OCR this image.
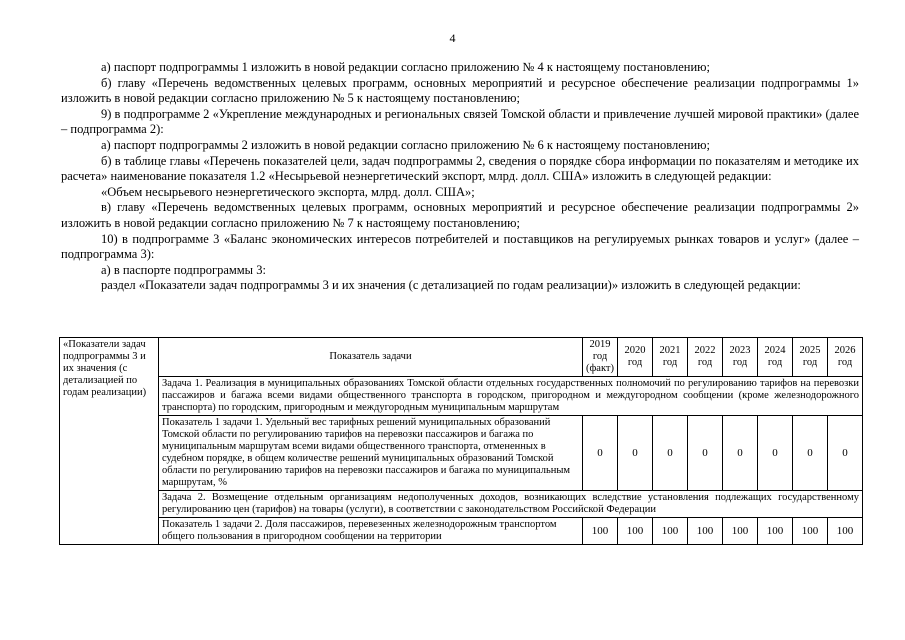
4

а) паспорт подпрограммы 1 изложить в новой редакции согласно приложению № 4 к настоящему постановлению;

б) главу «Перечень ведомственных целевых программ, основных мероприятий и ресурсное обеспечение реализации подпрограммы 1» изложить в новой редакции согласно приложению № 5 к настоящему постановлению;

9) в подпрограмме 2 «Укрепление международных и региональных связей Томской области и привлечение лучшей мировой практики» (далее – подпрограмма 2):

а) паспорт подпрограммы 2 изложить в новой редакции согласно приложению № 6 к настоящему постановлению;

б) в таблице главы «Перечень показателей цели, задач подпрограммы 2, сведения о порядке сбора информации по показателям и методике их расчета» наименование показателя 1.2 «Несырьевой неэнергетический экспорт, млрд. долл. США» изложить в следующей редакции:

«Объем несырьевого неэнергетического экспорта, млрд. долл. США»;

в) главу «Перечень ведомственных целевых программ, основных мероприятий и ресурсное обеспечение реализации подпрограммы 2» изложить в новой редакции согласно приложению № 7 к настоящему постановлению;

10) в подпрограмме 3 «Баланс экономических интересов потребителей и поставщиков на регулируемых рынках товаров и услуг» (далее – подпрограмма 3):

а) в паспорте подпрограммы 3:

раздел «Показатели задач подпрограммы 3 и их значения (с детализацией по годам реализации)» изложить в следующей редакции:

«Показатели задач подпрограммы 3 и их значения (с детализацией по годам реализации)	Показатель задачи	2019 год (факт)	2020 год	2021 год	2022 год	2023 год	2024 год	2025 год	2026 год
	Задача 1. Реализация в муниципальных образованиях Томской области отдельных государственных полномочий по регулированию тарифов на перевозки пассажиров и багажа всеми видами общественного транспорта в городском, пригородном и междугородном сообщении (кроме железнодорожного транспорта) по городским, пригородным и междугородным муниципальным маршрутам								
	Показатель 1 задачи 1. Удельный вес тарифных решений муниципальных образований Томской области по регулированию тарифов на перевозки пассажиров и багажа по муниципальным маршрутам всеми видами общественного транспорта, отмененных в судебном порядке, в общем количестве решений муниципальных образований Томской области по регулированию тарифов на перевозки пассажиров и багажа по муниципальным маршрутам, %	0	0	0	0	0	0	0	0
	Задача 2. Возмещение отдельным организациям недополученных доходов, возникающих вследствие установления подлежащих государственному регулированию цен (тарифов) на товары (услуги), в соответствии с законодательством Российской Федерации								
	Показатель 1 задачи 2. Доля пассажиров, перевезенных железнодорожным транспортом общего пользования в пригородном сообщении на территории	100	100	100	100	100	100	100	100
